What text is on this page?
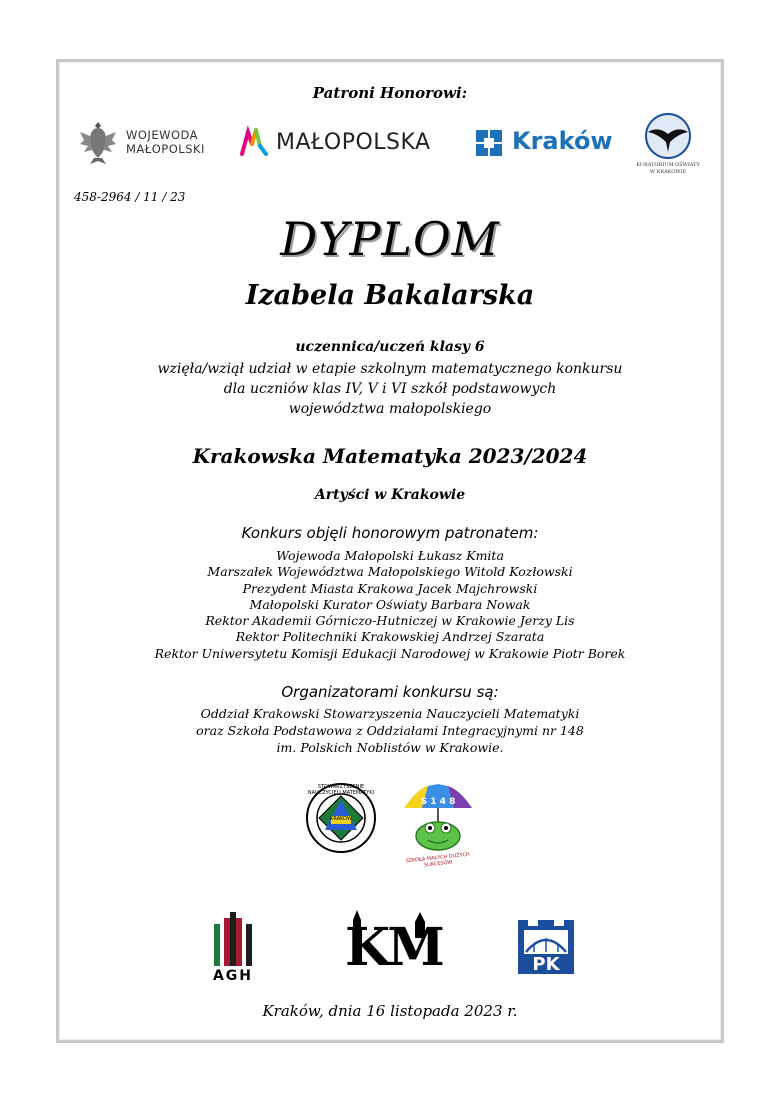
Patroni Honorowi:
WOJEWODA
MAŁOPOLSKI	MAŁOPOLSKA	Kraków
KURATORIUM OŚWIATY
W KRAKOWIE
458-2964 / 11 / 23
DYPLOM
Izabela Bakalarska
uczennica/uczeń klasy 6
wzięła/wziął udział w etapie szkolnym matematycznego konkursu
dla uczniów klas IV, V i VI szkół podstawowych
województwa małopolskiego
Krakowska Matematyka 2023/2024
Artyści w Krakowie
Konkurs objęli honorowym patronatem:
Wojewoda Małopolski Łukasz Kmita
Marszałek Województwa Małopolskiego Witold Kozłowski
Prezydent Miasta Krakowa Jacek Majchrowski
Małopolski Kurator Oświaty Barbara Nowak
Rektor Akademii Górniczo-Hutniczej w Krakowie Jerzy Lis
Rektor Politechniki Krakowskiej Andrzej Szarata
Rektor Uniwersytetu Komisji Edukacji Narodowej w Krakowie Piotr Borek
Organizatorami konkursu są:
Oddział Krakowski Stowarzyszenia Nauczycieli Matematyki
oraz Szkoła Podstawowa z Oddziałami Integracyjnymi nr 148
im. Polskich Noblistów w Krakowie.
STOWARZYSZENIE NAUCZYCIELI MATEMATYKI
KRAKÓW
S 1 4 8
SZKOŁA MAŁYCH DUŻYCH SUKCESÓW
AGH KM	PK
Kraków, dnia 16 listopada 2023 r.
